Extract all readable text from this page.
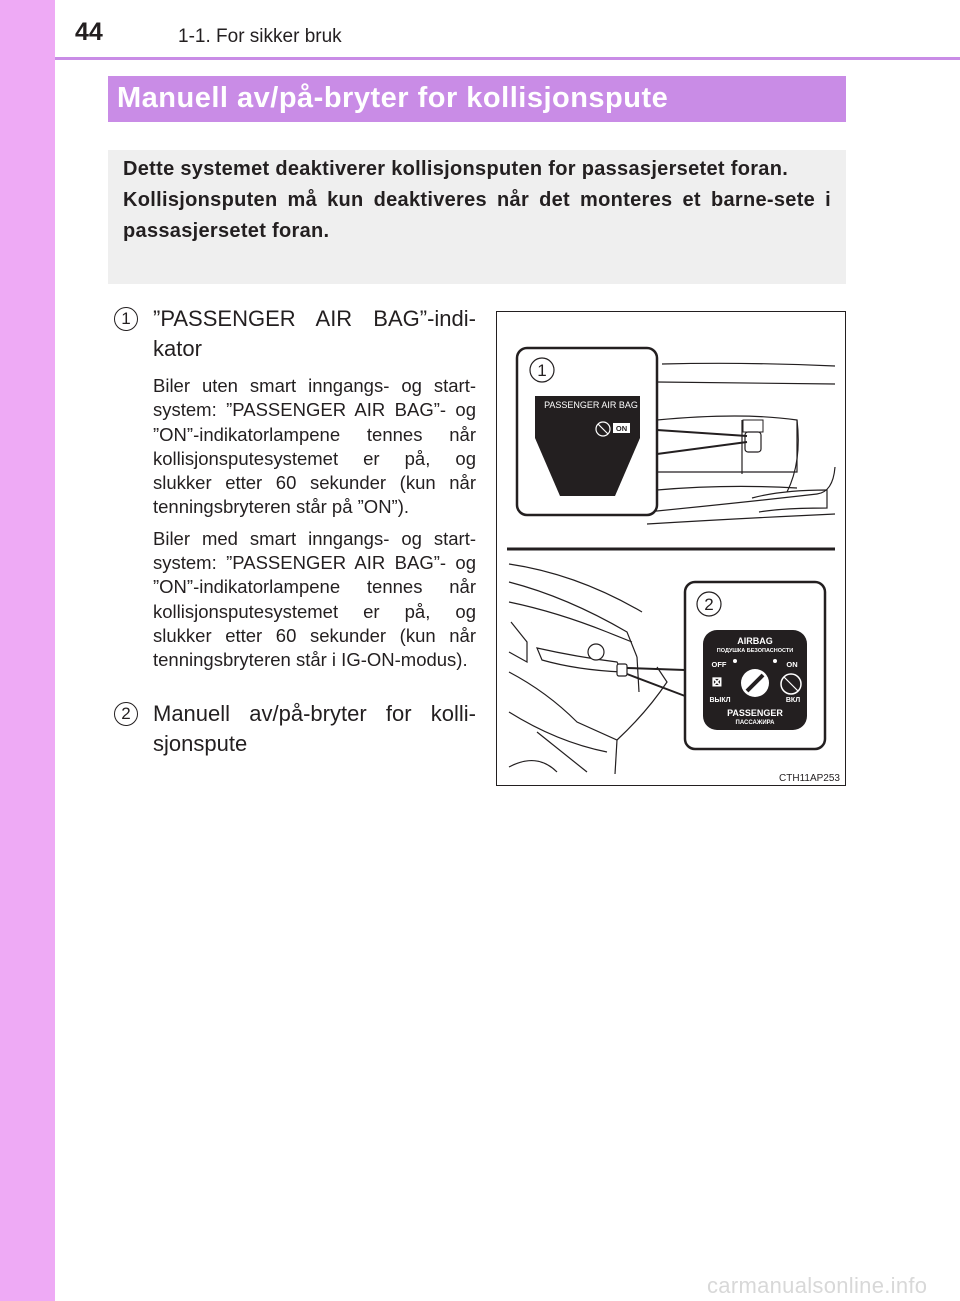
44	1-1. For sikker bruk
Manuell av/på-bryter for kollisjonspute

Dette systemet deaktiverer kollisjonsputen for passasjersetet foran.

Kollisjonsputen må kun deaktiveres når det monteres et barne-sete i passasjersetet foran.

1	”PASSENGER AIR BAG”-indi-kator

Biler uten smart inngangs- og start-system: ”PASSENGER AIR BAG”- og ”ON”-indikatorlampene tennes når kollisjonsputesystemet er på, og slukker etter 60 sekunder (kun når tenningsbryteren står på ”ON”).

Biler med smart inngangs- og start-system: ”PASSENGER AIR BAG”- og ”ON”-indikatorlampene tennes når kollisjonsputesystemet er på, og slukker etter 60 sekunder (kun når tenningsbryteren står i IG-ON-modus).

2	Manuell av/på-bryter for kolli-sjonspute
1
PASSENGER AIR BAG
ON
2
AIRBAG
ПОДУШКА БЕЗОПАСНОСТИ
OFF	ON
⊠
ВЫКЛ	ВКЛ
PASSENGER
ПАССАЖИРА
CTH11AP253
carmanualsonline.info
